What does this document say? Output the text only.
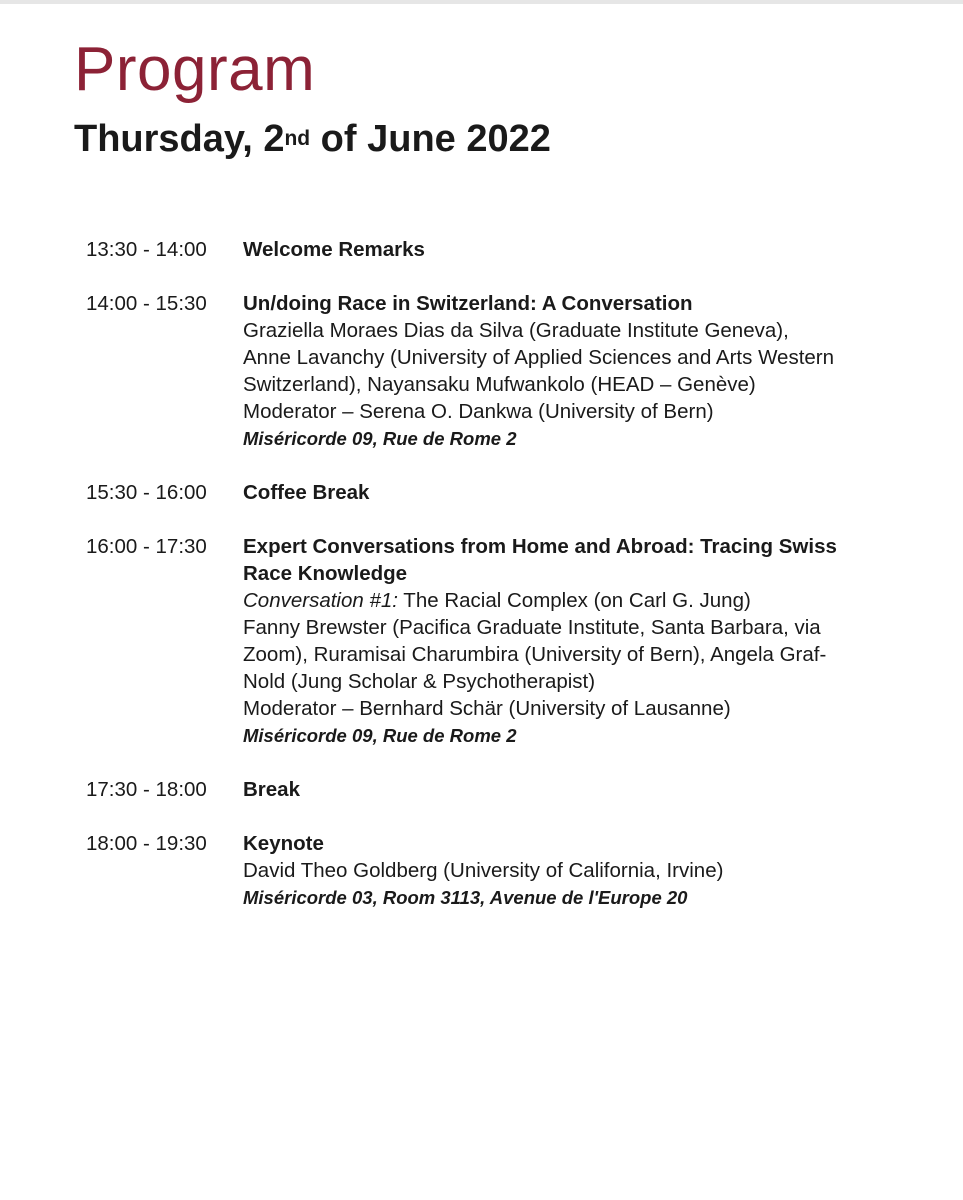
Program
Thursday, 2nd of June 2022
13:30 - 14:00	Welcome Remarks
14:00 - 15:30	Un/doing Race in Switzerland: A Conversation
Graziella Moraes Dias da Silva (Graduate Institute Geneva),
Anne Lavanchy (University of Applied Sciences and Arts Western
Switzerland), Nayansaku Mufwankolo (HEAD – Genève)
Moderator – Serena O. Dankwa (University of Bern)
Miséricorde 09, Rue de Rome 2
15:30 - 16:00	Coffee Break
16:00 - 17:30	Expert Conversations from Home and Abroad: Tracing Swiss
Race Knowledge
Conversation #1: The Racial Complex (on Carl G. Jung)
Fanny Brewster (Pacifica Graduate Institute, Santa Barbara, via
Zoom), Ruramisai Charumbira (University of Bern), Angela Graf-
Nold (Jung Scholar & Psychotherapist)
Moderator – Bernhard Schär (University of Lausanne)
Miséricorde 09, Rue de Rome 2
17:30 - 18:00	Break
18:00 - 19:30	Keynote
David Theo Goldberg (University of California, Irvine)
Miséricorde 03, Room 3113, Avenue de l'Europe 20
